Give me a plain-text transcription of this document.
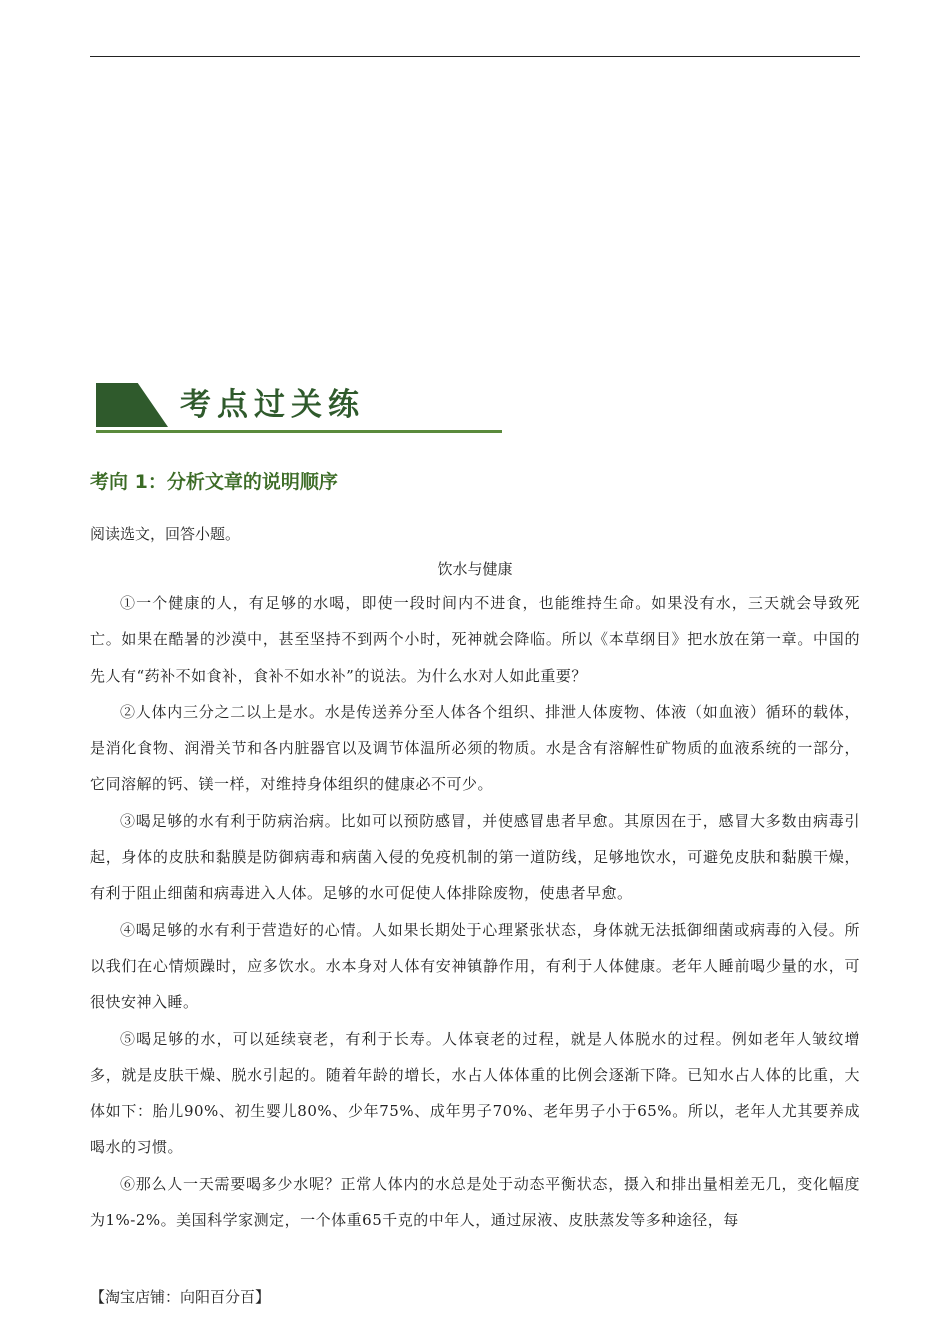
考点过关练
考向 1：分析文章的说明顺序
阅读选文，回答小题。
饮水与健康

①一个健康的人，有足够的水喝，即使一段时间内不进食，也能维持生命。如果没有水，三天就会导致死亡。如果在酷暑的沙漠中，甚至坚持不到两个小时，死神就会降临。所以《本草纲目》把水放在第一章。中国的先人有“药补不如食补，食补不如水补”的说法。为什么水对人如此重要？

②人体内三分之二以上是水。水是传送养分至人体各个组织、排泄人体废物、体液（如血液）循环的载体，是消化食物、润滑关节和各内脏器官以及调节体温所必须的物质。水是含有溶解性矿物质的血液系统的一部分，它同溶解的钙、镁一样，对维持身体组织的健康必不可少。

③喝足够的水有利于防病治病。比如可以预防感冒，并使感冒患者早愈。其原因在于，感冒大多数由病毒引起，身体的皮肤和黏膜是防御病毒和病菌入侵的免疫机制的第一道防线，足够地饮水，可避免皮肤和黏膜干燥，有利于阻止细菌和病毒进入人体。足够的水可促使人体排除废物，使患者早愈。

④喝足够的水有利于营造好的心情。人如果长期处于心理紧张状态，身体就无法抵御细菌或病毒的入侵。所以我们在心情烦躁时，应多饮水。水本身对人体有安神镇静作用，有利于人体健康。老年人睡前喝少量的水，可很快安神入睡。

⑤喝足够的水，可以延续衰老，有利于长寿。人体衰老的过程，就是人体脱水的过程。例如老年人皱纹增多，就是皮肤干燥、脱水引起的。随着年龄的增长，水占人体体重的比例会逐渐下降。已知水占人体的比重，大体如下：胎儿90%、初生婴儿80%、少年75%、成年男子70%、老年男子小于65%。所以，老年人尤其要养成喝水的习惯。

⑥那么人一天需要喝多少水呢？正常人体内的水总是处于动态平衡状态，摄入和排出量相差无几，变化幅度为1%-2%。美国科学家测定，一个体重65千克的中年人，通过尿液、皮肤蒸发等多种途径，每

【淘宝店铺：向阳百分百】
